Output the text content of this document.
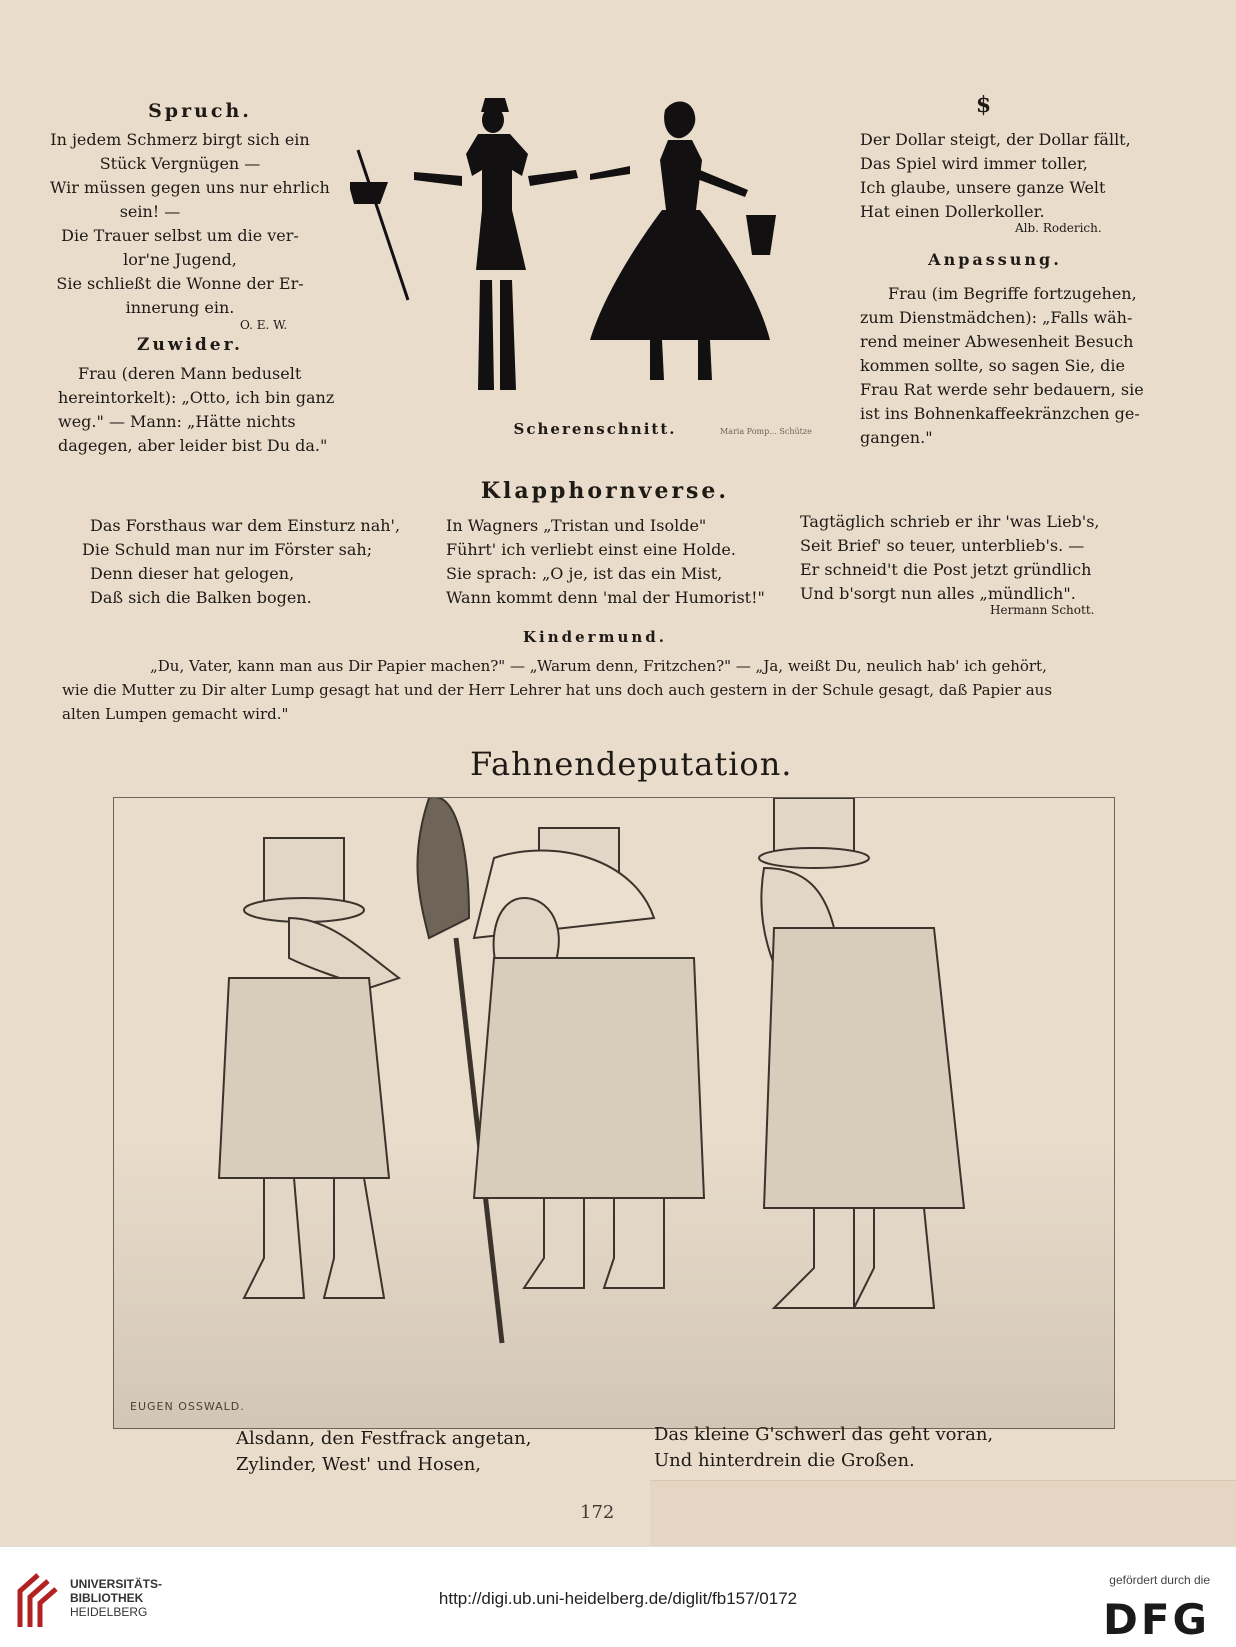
Spruch.
In jedem Schmerz birgt sich ein
Stück Vergnügen —
Wir müssen gegen uns nur ehrlich
sein! —
Die Trauer selbst um die ver-
lor'ne Jugend,
Sie schließt die Wonne der Er-
innerung ein.
O. E. W.
Zuwider.
Frau (deren Mann beduselt
hereintorkelt): „Otto, ich bin ganz
weg." — Mann: „Hätte nichts
dagegen, aber leider bist Du da."
Scherenschnitt.	Maria Pomp... Schütze
$
Der Dollar steigt, der Dollar fällt,
Das Spiel wird immer toller,
Ich glaube, unsere ganze Welt
Hat einen Dollerkoller.
Alb. Roderich.
Anpassung.
Frau (im Begriffe fortzugehen,
zum Dienstmädchen): „Falls wäh-
rend meiner Abwesenheit Besuch
kommen sollte, so sagen Sie, die
Frau Rat werde sehr bedauern, sie
ist ins Bohnenkaffeekränzchen ge-
gangen."
Klapphornverse.
Das Forsthaus war dem Einsturz nah',
Die Schuld man nur im Förster sah;
Denn dieser hat gelogen,
Daß sich die Balken bogen.
In Wagners „Tristan und Isolde"
Führt' ich verliebt einst eine Holde.
Sie sprach: „O je, ist das ein Mist,
Wann kommt denn 'mal der Humorist!"
Tagtäglich schrieb er ihr 'was Lieb's,
Seit Brief' so teuer, unterblieb's. —
Er schneid't die Post jetzt gründlich
Und b'sorgt nun alles „mündlich".
Hermann Schott.
Kindermund.
„Du, Vater, kann man aus Dir Papier machen?" — „Warum denn, Fritzchen?" — „Ja, weißt Du, neulich hab' ich gehört,
wie die Mutter zu Dir alter Lump gesagt hat und der Herr Lehrer hat uns doch auch gestern in der Schule gesagt, daß Papier aus
alten Lumpen gemacht wird."
Fahnendeputation.
EUGEN OSSWALD.
Alsdann, den Festfrack angetan,
Zylinder, West' und Hosen,
Das kleine G'schwerl das geht voran,
Und hinterdrein die Großen.
172
UNIVERSITÄTS-
BIBLIOTHEK
HEIDELBERG
http://digi.ub.uni-heidelberg.de/diglit/fb157/0172
gefördert durch die
DFG
